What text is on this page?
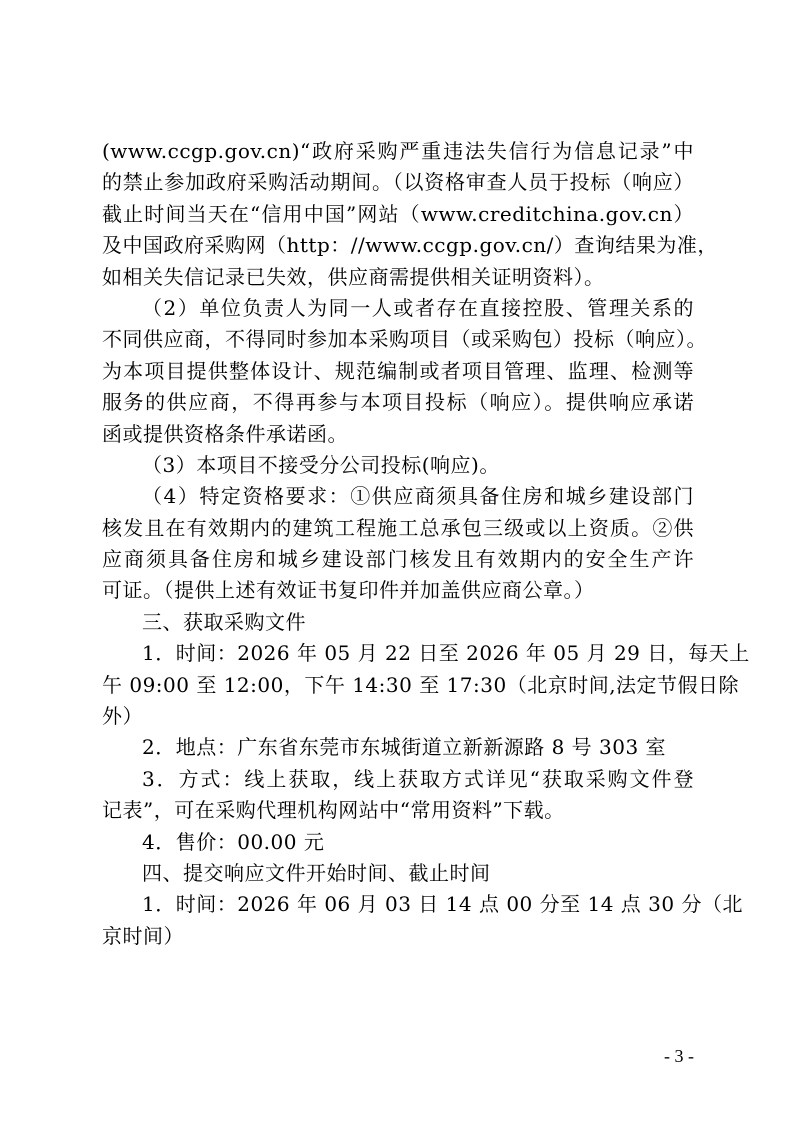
(www.ccgp.gov.cn)“政府采购严重违法失信行为信息记录”中
的禁止参加政府采购活动期间。（以资格审查人员于投标（响应）
截止时间当天在“信用中国”网站（www.creditchina.gov.cn）
及中国政府采购网（http：//www.ccgp.gov.cn/）查询结果为准，
如相关失信记录已失效，供应商需提供相关证明资料）。
（2）单位负责人为同一人或者存在直接控股、管理关系的
不同供应商，不得同时参加本采购项目（或采购包）投标（响应）。
为本项目提供整体设计、规范编制或者项目管理、监理、检测等
服务的供应商，不得再参与本项目投标（响应）。提供响应承诺
函或提供资格条件承诺函。
（3）本项目不接受分公司投标(响应)。
（4）特定资格要求：①供应商须具备住房和城乡建设部门
核发且在有效期内的建筑工程施工总承包三级或以上资质。②供
应商须具备住房和城乡建设部门核发且有效期内的安全生产许
可证。（提供上述有效证书复印件并加盖供应商公章。）
三、获取采购文件
1．时间：2026 年 05 月 22 日至 2026 年 05 月 29 日，每天上
午 09:00 至 12:00，下午 14:30 至 17:30（北京时间,法定节假日除
外）
2．地点：广东省东莞市东城街道立新新源路 8 号 303 室
3．方式：线上获取，线上获取方式详见“获取采购文件登
记表”，可在采购代理机构网站中“常用资料”下载。
4．售价：00.00 元
四、提交响应文件开始时间、截止时间
1．时间：2026 年 06 月 03 日 14 点 00 分至 14 点 30 分（北
京时间）
- 3 -
